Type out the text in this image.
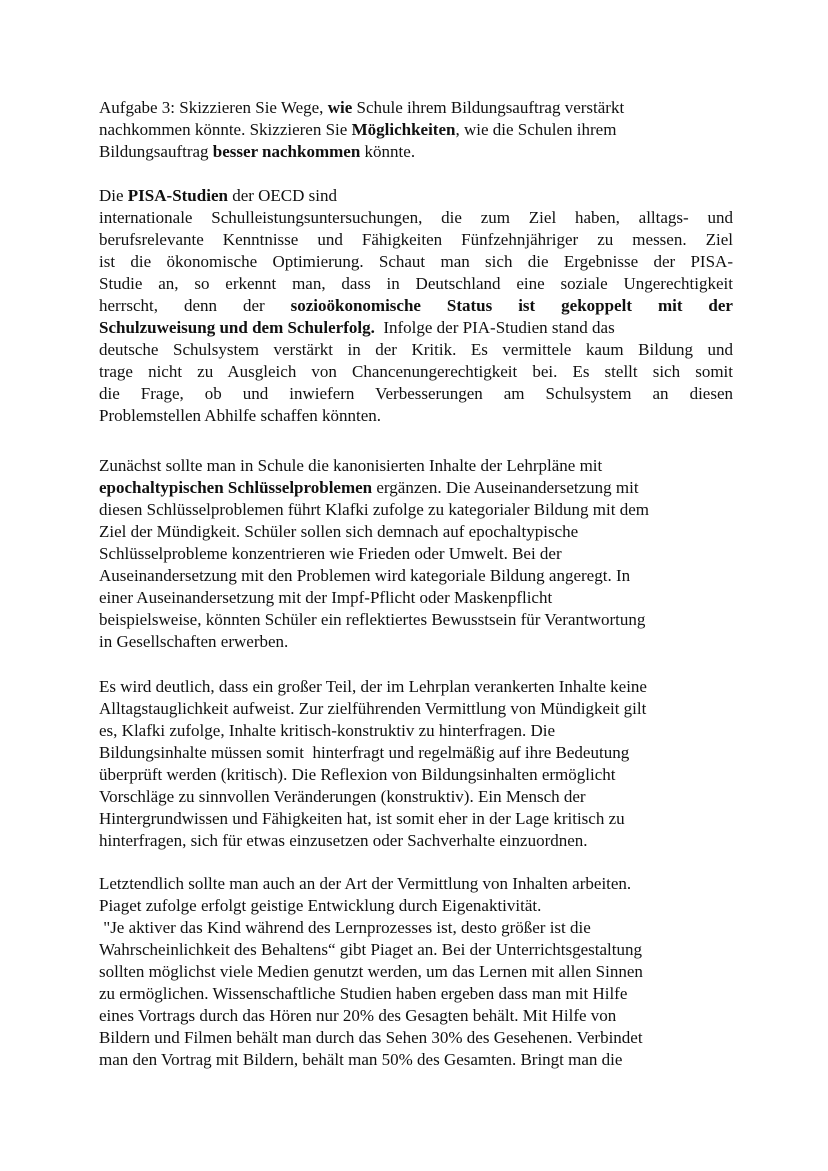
Aufgabe 3: Skizzieren Sie Wege, wie Schule ihrem Bildungsauftrag verstärkt
nachkommen könnte. Skizzieren Sie Möglichkeiten, wie die Schulen ihrem
Bildungsauftrag besser nachkommen könnte.
Die PISA-Studien der OECD sind
internationale Schulleistungsuntersuchungen, die zum Ziel haben, alltags- und
berufsrelevante Kenntnisse und Fähigkeiten Fünfzehnjähriger zu messen. Ziel
ist die ökonomische Optimierung. Schaut man sich die Ergebnisse der PISA-
Studie an, so erkennt man, dass in Deutschland eine soziale Ungerechtigkeit
herrscht, denn der sozioökonomische Status ist gekoppelt mit der
Schulzuweisung und dem Schulerfolg.  Infolge der PIA-Studien stand das
deutsche Schulsystem verstärkt in der Kritik. Es vermittele kaum Bildung und
trage nicht zu Ausgleich von Chancenungerechtigkeit bei. Es stellt sich somit
die Frage, ob und inwiefern Verbesserungen am Schulsystem an diesen
Problemstellen Abhilfe schaffen könnten.
Zunächst sollte man in Schule die kanonisierten Inhalte der Lehrpläne mit
epochaltypischen Schlüsselproblemen ergänzen. Die Auseinandersetzung mit
diesen Schlüsselproblemen führt Klafki zufolge zu kategorialer Bildung mit dem
Ziel der Mündigkeit. Schüler sollen sich demnach auf epochaltypische
Schlüsselprobleme konzentrieren wie Frieden oder Umwelt. Bei der
Auseinandersetzung mit den Problemen wird kategoriale Bildung angeregt. In
einer Auseinandersetzung mit der Impf-Pflicht oder Maskenpflicht
beispielsweise, könnten Schüler ein reflektiertes Bewusstsein für Verantwortung
in Gesellschaften erwerben.
Es wird deutlich, dass ein großer Teil, der im Lehrplan verankerten Inhalte keine
Alltagstauglichkeit aufweist. Zur zielführenden Vermittlung von Mündigkeit gilt
es, Klafki zufolge, Inhalte kritisch-konstruktiv zu hinterfragen. Die
Bildungsinhalte müssen somit  hinterfragt und regelmäßig auf ihre Bedeutung
überprüft werden (kritisch). Die Reflexion von Bildungsinhalten ermöglicht
Vorschläge zu sinnvollen Veränderungen (konstruktiv). Ein Mensch der
Hintergrundwissen und Fähigkeiten hat, ist somit eher in der Lage kritisch zu
hinterfragen, sich für etwas einzusetzen oder Sachverhalte einzuordnen.
Letztendlich sollte man auch an der Art der Vermittlung von Inhalten arbeiten.
Piaget zufolge erfolgt geistige Entwicklung durch Eigenaktivität.
"Je aktiver das Kind während des Lernprozesses ist, desto größer ist die
Wahrscheinlichkeit des Behaltens“ gibt Piaget an. Bei der Unterrichtsgestaltung
sollten möglichst viele Medien genutzt werden, um das Lernen mit allen Sinnen
zu ermöglichen. Wissenschaftliche Studien haben ergeben dass man mit Hilfe
eines Vortrags durch das Hören nur 20% des Gesagten behält. Mit Hilfe von
Bildern und Filmen behält man durch das Sehen 30% des Gesehenen. Verbindet
man den Vortrag mit Bildern, behält man 50% des Gesamten. Bringt man die
